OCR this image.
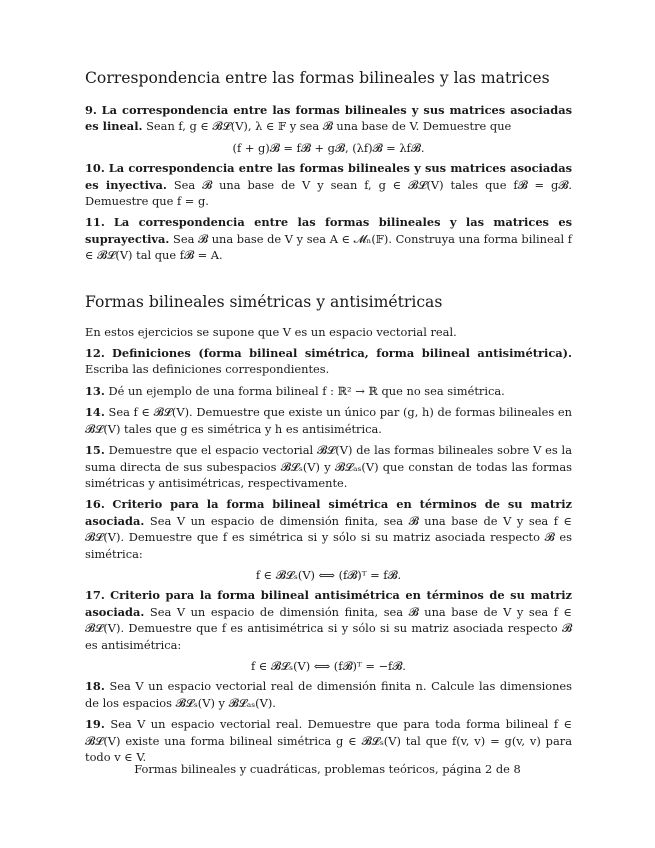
Correspondencia entre las formas bilineales y las matrices

9. La correspondencia entre las formas bilineales y sus matrices asociadas es lineal. Sean f, g ∈ 𝓑𝓛(V), λ ∈ 𝔽 y sea 𝓑 una base de V. Demuestre que

(f + g)𝓑 = f𝓑 + g𝓑, (λf)𝓑 = λf𝓑.

10. La correspondencia entre las formas bilineales y sus matrices asociadas es inyectiva. Sea 𝓑 una base de V y sean f, g ∈ 𝓑𝓛(V) tales que f𝓑 = g𝓑. Demuestre que f = g.

11. La correspondencia entre las formas bilineales y las matrices es suprayectiva. Sea 𝓑 una base de V y sea A ∈ 𝓜ₙ(𝔽). Construya una forma bilineal f ∈ 𝓑𝓛(V) tal que f𝓑 = A.

Formas bilineales simétricas y antisimétricas

En estos ejercicios se supone que V es un espacio vectorial real.

12. Definiciones (forma bilineal simétrica, forma bilineal antisimétrica). Escriba las definiciones correspondientes.

13. Dé un ejemplo de una forma bilineal f : ℝ² → ℝ que no sea simétrica.

14. Sea f ∈ 𝓑𝓛(V). Demuestre que existe un único par (g, h) de formas bilineales en 𝓑𝓛(V) tales que g es simétrica y h es antisimétrica.

15. Demuestre que el espacio vectorial 𝓑𝓛(V) de las formas bilineales sobre V es la suma directa de sus subespacios 𝓑𝓛ₛ(V) y 𝓑𝓛ₐₛ(V) que constan de todas las formas simétricas y antisimétricas, respectivamente.

16. Criterio para la forma bilineal simétrica en términos de su matriz asociada. Sea V un espacio de dimensión finita, sea 𝓑 una base de V y sea f ∈ 𝓑𝓛(V). Demuestre que f es simétrica si y sólo si su matriz asociada respecto 𝓑 es simétrica:

f ∈ 𝓑𝓛ₛ(V) ⟺ (f𝓑)ᵀ = f𝓑.

17. Criterio para la forma bilineal antisimétrica en términos de su matriz asociada. Sea V un espacio de dimensión finita, sea 𝓑 una base de V y sea f ∈ 𝓑𝓛(V). Demuestre que f es antisimétrica si y sólo si su matriz asociada respecto 𝓑 es antisimétrica:

f ∈ 𝓑𝓛ₛ(V) ⟺ (f𝓑)ᵀ = −f𝓑.

18. Sea V un espacio vectorial real de dimensión finita n. Calcule las dimensiones de los espacios 𝓑𝓛ₛ(V) y 𝓑𝓛ₐₛ(V).

19. Sea V un espacio vectorial real. Demuestre que para toda forma bilineal f ∈ 𝓑𝓛(V) existe una forma bilineal simétrica g ∈ 𝓑𝓛ₛ(V) tal que f(v, v) = g(v, v) para todo v ∈ V.

Formas bilineales y cuadráticas, problemas teóricos, página 2 de 8
